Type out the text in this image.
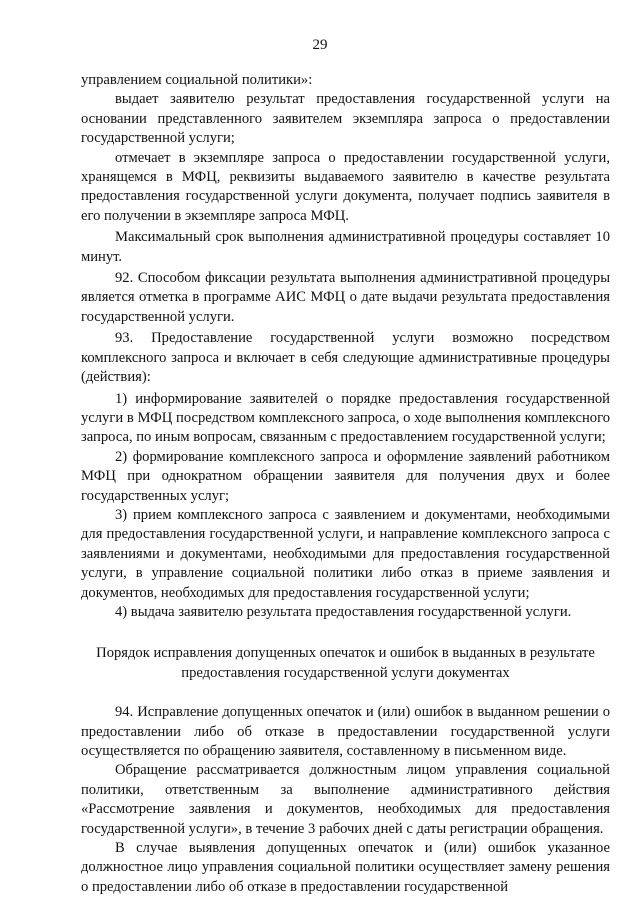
29

управлением социальной политики»:

выдает заявителю результат предоставления государственной услуги на основании представленного заявителем экземпляра запроса о предоставлении государственной услуги;

отмечает в экземпляре запроса о предоставлении государственной услуги, хранящемся в МФЦ, реквизиты выдаваемого заявителю в качестве результата предоставления государственной услуги документа, получает подпись заявителя в его получении в экземпляре запроса МФЦ.

Максимальный срок выполнения административной процедуры составляет 10 минут.

92. Способом фиксации результата выполнения административной процедуры является отметка в программе АИС МФЦ о дате выдачи результата предоставления государственной услуги.

93. Предоставление государственной услуги возможно посредством комплексного запроса и включает в себя следующие административные процедуры (действия):

1) информирование заявителей о порядке предоставления государственной услуги в МФЦ посредством комплексного запроса, о ходе выполнения комплексного запроса, по иным вопросам, связанным с предоставлением государственной услуги;

2) формирование комплексного запроса и оформление заявлений работником МФЦ при однократном обращении заявителя для получения двух и более государственных услуг;

3) прием комплексного запроса с заявлением и документами, необходимыми для предоставления государственной услуги, и направление комплексного запроса с заявлениями и документами, необходимыми для предоставления государственной услуги, в управление социальной политики либо отказ в приеме заявления и документов, необходимых для предоставления государственной услуги;

4) выдача заявителю результата предоставления государственной услуги.

Порядок исправления допущенных опечаток и ошибок в выданных в результате предоставления государственной услуги документах

94. Исправление допущенных опечаток и (или) ошибок в выданном решении о предоставлении либо об отказе в предоставлении государственной услуги осуществляется по обращению заявителя, составленному в письменном виде.

Обращение рассматривается должностным лицом управления социальной политики, ответственным за выполнение административного действия «Рассмотрение заявления и документов, необходимых для предоставления государственной услуги», в течение 3 рабочих дней с даты регистрации обращения.

В случае выявления допущенных опечаток и (или) ошибок указанное должностное лицо управления социальной политики осуществляет замену решения о предоставлении либо об отказе в предоставлении государственной
